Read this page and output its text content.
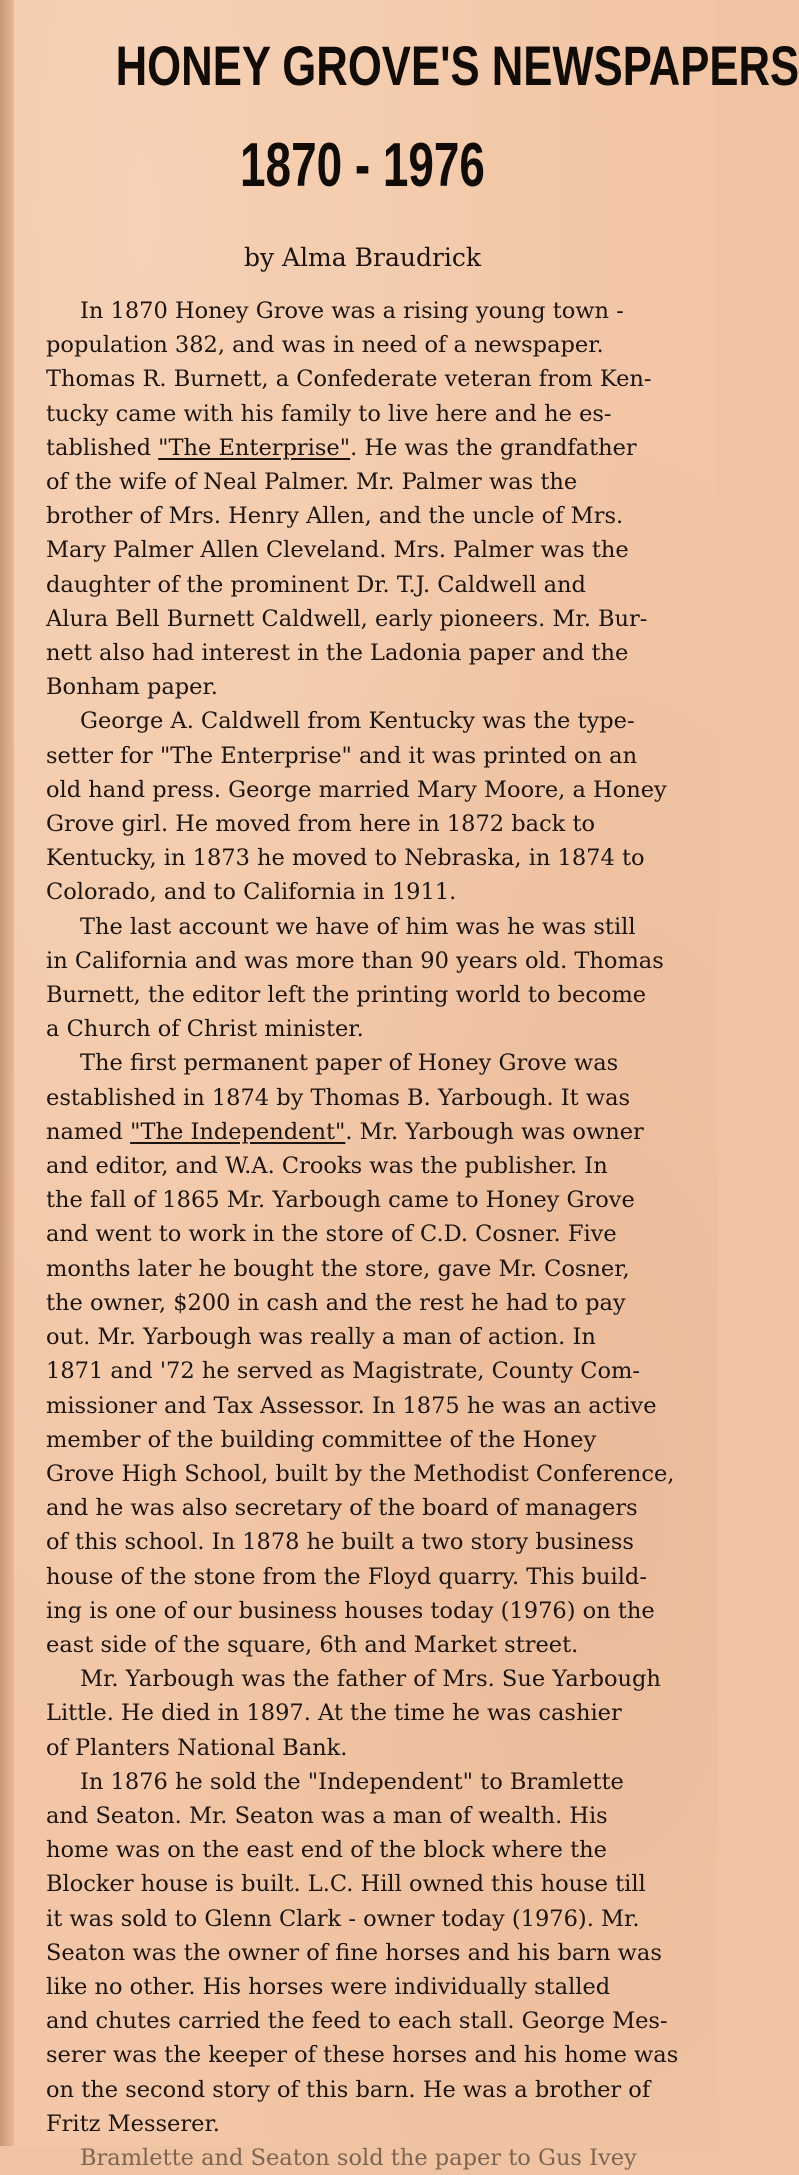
HONEY GROVE'S NEWSPAPERS
1870 - 1976
by Alma Braudrick
In 1870 Honey Grove was a rising young town -
population 382, and was in need of a newspaper.
Thomas R. Burnett, a Confederate veteran from Ken-
tucky came with his family to live here and he es-
tablished "The Enterprise". He was the grandfather
of the wife of Neal Palmer. Mr. Palmer was the
brother of Mrs. Henry Allen, and the uncle of Mrs.
Mary Palmer Allen Cleveland. Mrs. Palmer was the
daughter of the prominent Dr. T.J. Caldwell and
Alura Bell Burnett Caldwell, early pioneers. Mr. Bur-
nett also had interest in the Ladonia paper and the
Bonham paper.
George A. Caldwell from Kentucky was the type-
setter for "The Enterprise" and it was printed on an
old hand press. George married Mary Moore, a Honey
Grove girl. He moved from here in 1872 back to
Kentucky, in 1873 he moved to Nebraska, in 1874 to
Colorado, and to California in 1911.
The last account we have of him was he was still
in California and was more than 90 years old. Thomas
Burnett, the editor left the printing world to become
a Church of Christ minister.
The first permanent paper of Honey Grove was
established in 1874 by Thomas B. Yarbough. It was
named "The Independent". Mr. Yarbough was owner
and editor, and W.A. Crooks was the publisher. In
the fall of 1865 Mr. Yarbough came to Honey Grove
and went to work in the store of C.D. Cosner. Five
months later he bought the store, gave Mr. Cosner,
the owner, $200 in cash and the rest he had to pay
out. Mr. Yarbough was really a man of action. In
1871 and '72 he served as Magistrate, County Com-
missioner and Tax Assessor. In 1875 he was an active
member of the building committee of the Honey
Grove High School, built by the Methodist Conference,
and he was also secretary of the board of managers
of this school. In 1878 he built a two story business
house of the stone from the Floyd quarry. This build-
ing is one of our business houses today (1976) on the
east side of the square, 6th and Market street.
Mr. Yarbough was the father of Mrs. Sue Yarbough
Little. He died in 1897. At the time he was cashier
of Planters National Bank.
In 1876 he sold the "Independent" to Bramlette
and Seaton. Mr. Seaton was a man of wealth. His
home was on the east end of the block where the
Blocker house is built. L.C. Hill owned this house till
it was sold to Glenn Clark - owner today (1976). Mr.
Seaton was the owner of fine horses and his barn was
like no other. His horses were individually stalled
and chutes carried the feed to each stall. George Mes-
serer was the keeper of these horses and his home was
on the second story of this barn. He was a brother of
Fritz Messerer.
Bramlette and Seaton sold the paper to Gus Ivey
